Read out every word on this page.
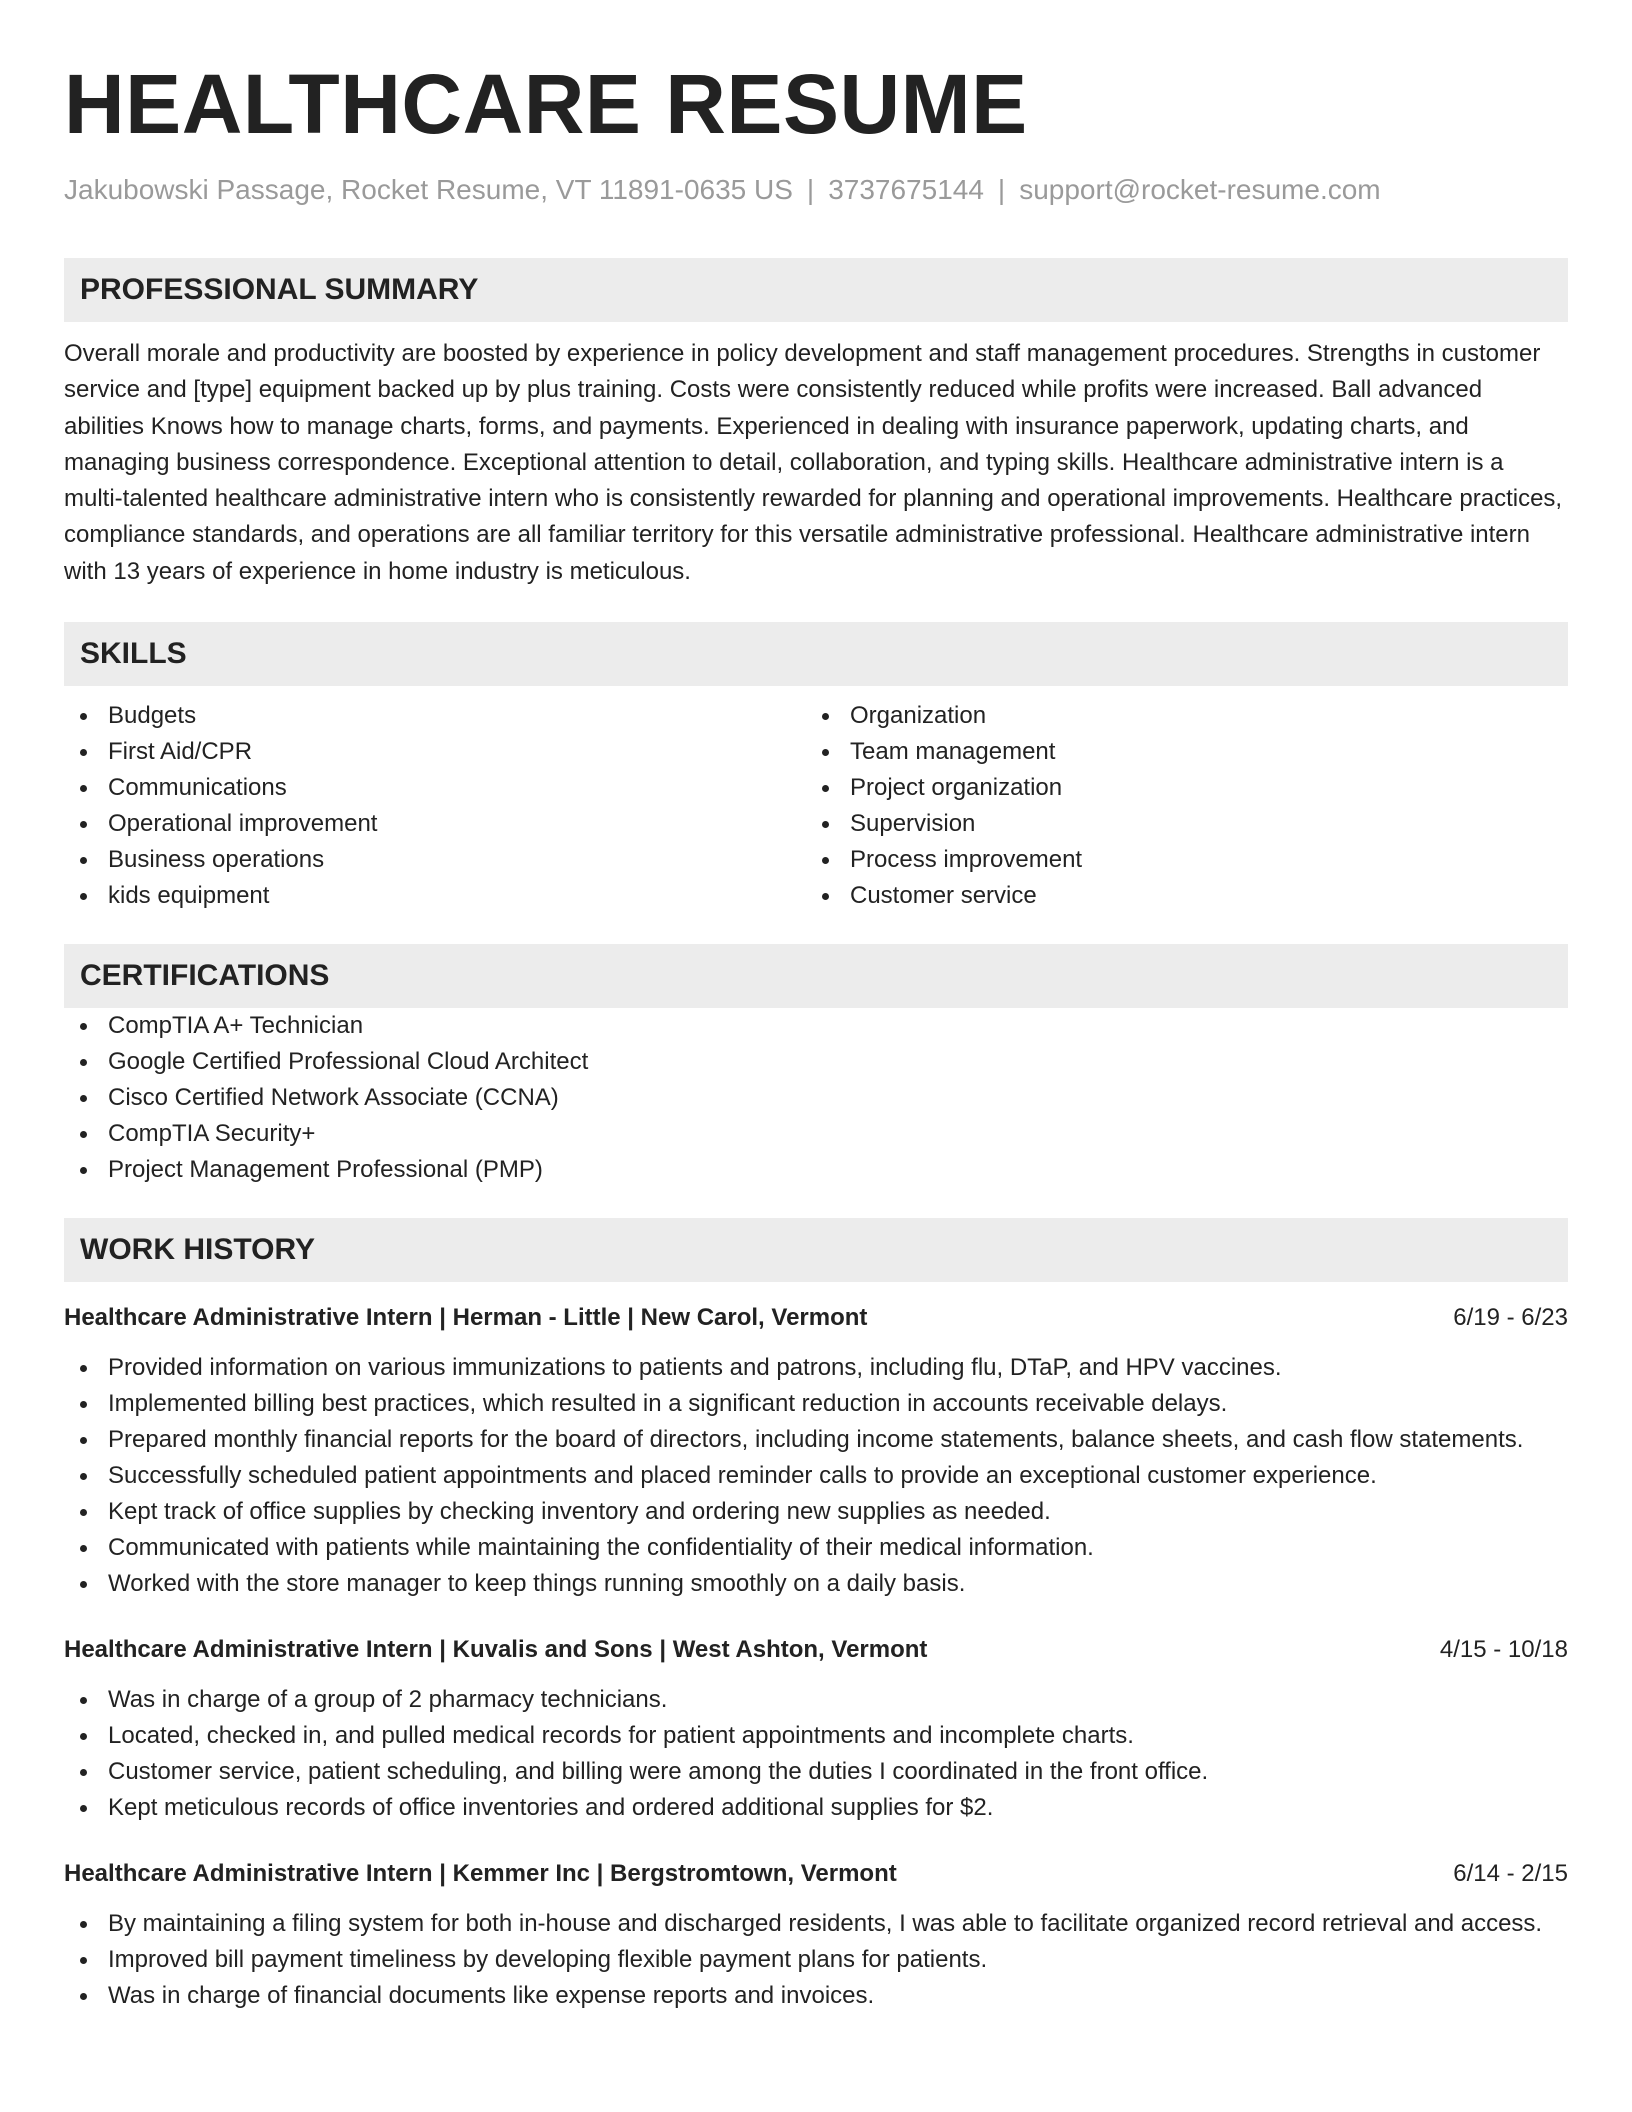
HEALTHCARE RESUME
Jakubowski Passage, Rocket Resume, VT 11891-0635 US | 3737675144 | support@rocket-resume.com
PROFESSIONAL SUMMARY
Overall morale and productivity are boosted by experience in policy development and staff management procedures. Strengths in customer service and [type] equipment backed up by plus training. Costs were consistently reduced while profits were increased. Ball advanced abilities Knows how to manage charts, forms, and payments. Experienced in dealing with insurance paperwork, updating charts, and managing business correspondence. Exceptional attention to detail, collaboration, and typing skills. Healthcare administrative intern is a multi-talented healthcare administrative intern who is consistently rewarded for planning and operational improvements. Healthcare practices, compliance standards, and operations are all familiar territory for this versatile administrative professional. Healthcare administrative intern with 13 years of experience in home industry is meticulous.
SKILLS
Budgets
First Aid/CPR
Communications
Operational improvement
Business operations
kids equipment
Organization
Team management
Project organization
Supervision
Process improvement
Customer service
CERTIFICATIONS
CompTIA A+ Technician
Google Certified Professional Cloud Architect
Cisco Certified Network Associate (CCNA)
CompTIA Security+
Project Management Professional (PMP)
WORK HISTORY
Healthcare Administrative Intern | Herman - Little | New Carol, Vermont	6/19 - 6/23
Provided information on various immunizations to patients and patrons, including flu, DTaP, and HPV vaccines.
Implemented billing best practices, which resulted in a significant reduction in accounts receivable delays.
Prepared monthly financial reports for the board of directors, including income statements, balance sheets, and cash flow statements.
Successfully scheduled patient appointments and placed reminder calls to provide an exceptional customer experience.
Kept track of office supplies by checking inventory and ordering new supplies as needed.
Communicated with patients while maintaining the confidentiality of their medical information.
Worked with the store manager to keep things running smoothly on a daily basis.
Healthcare Administrative Intern | Kuvalis and Sons | West Ashton, Vermont	4/15 - 10/18
Was in charge of a group of 2 pharmacy technicians.
Located, checked in, and pulled medical records for patient appointments and incomplete charts.
Customer service, patient scheduling, and billing were among the duties I coordinated in the front office.
Kept meticulous records of office inventories and ordered additional supplies for $2.
Healthcare Administrative Intern | Kemmer Inc | Bergstromtown, Vermont	6/14 - 2/15
By maintaining a filing system for both in-house and discharged residents, I was able to facilitate organized record retrieval and access.
Improved bill payment timeliness by developing flexible payment plans for patients.
Was in charge of financial documents like expense reports and invoices.
